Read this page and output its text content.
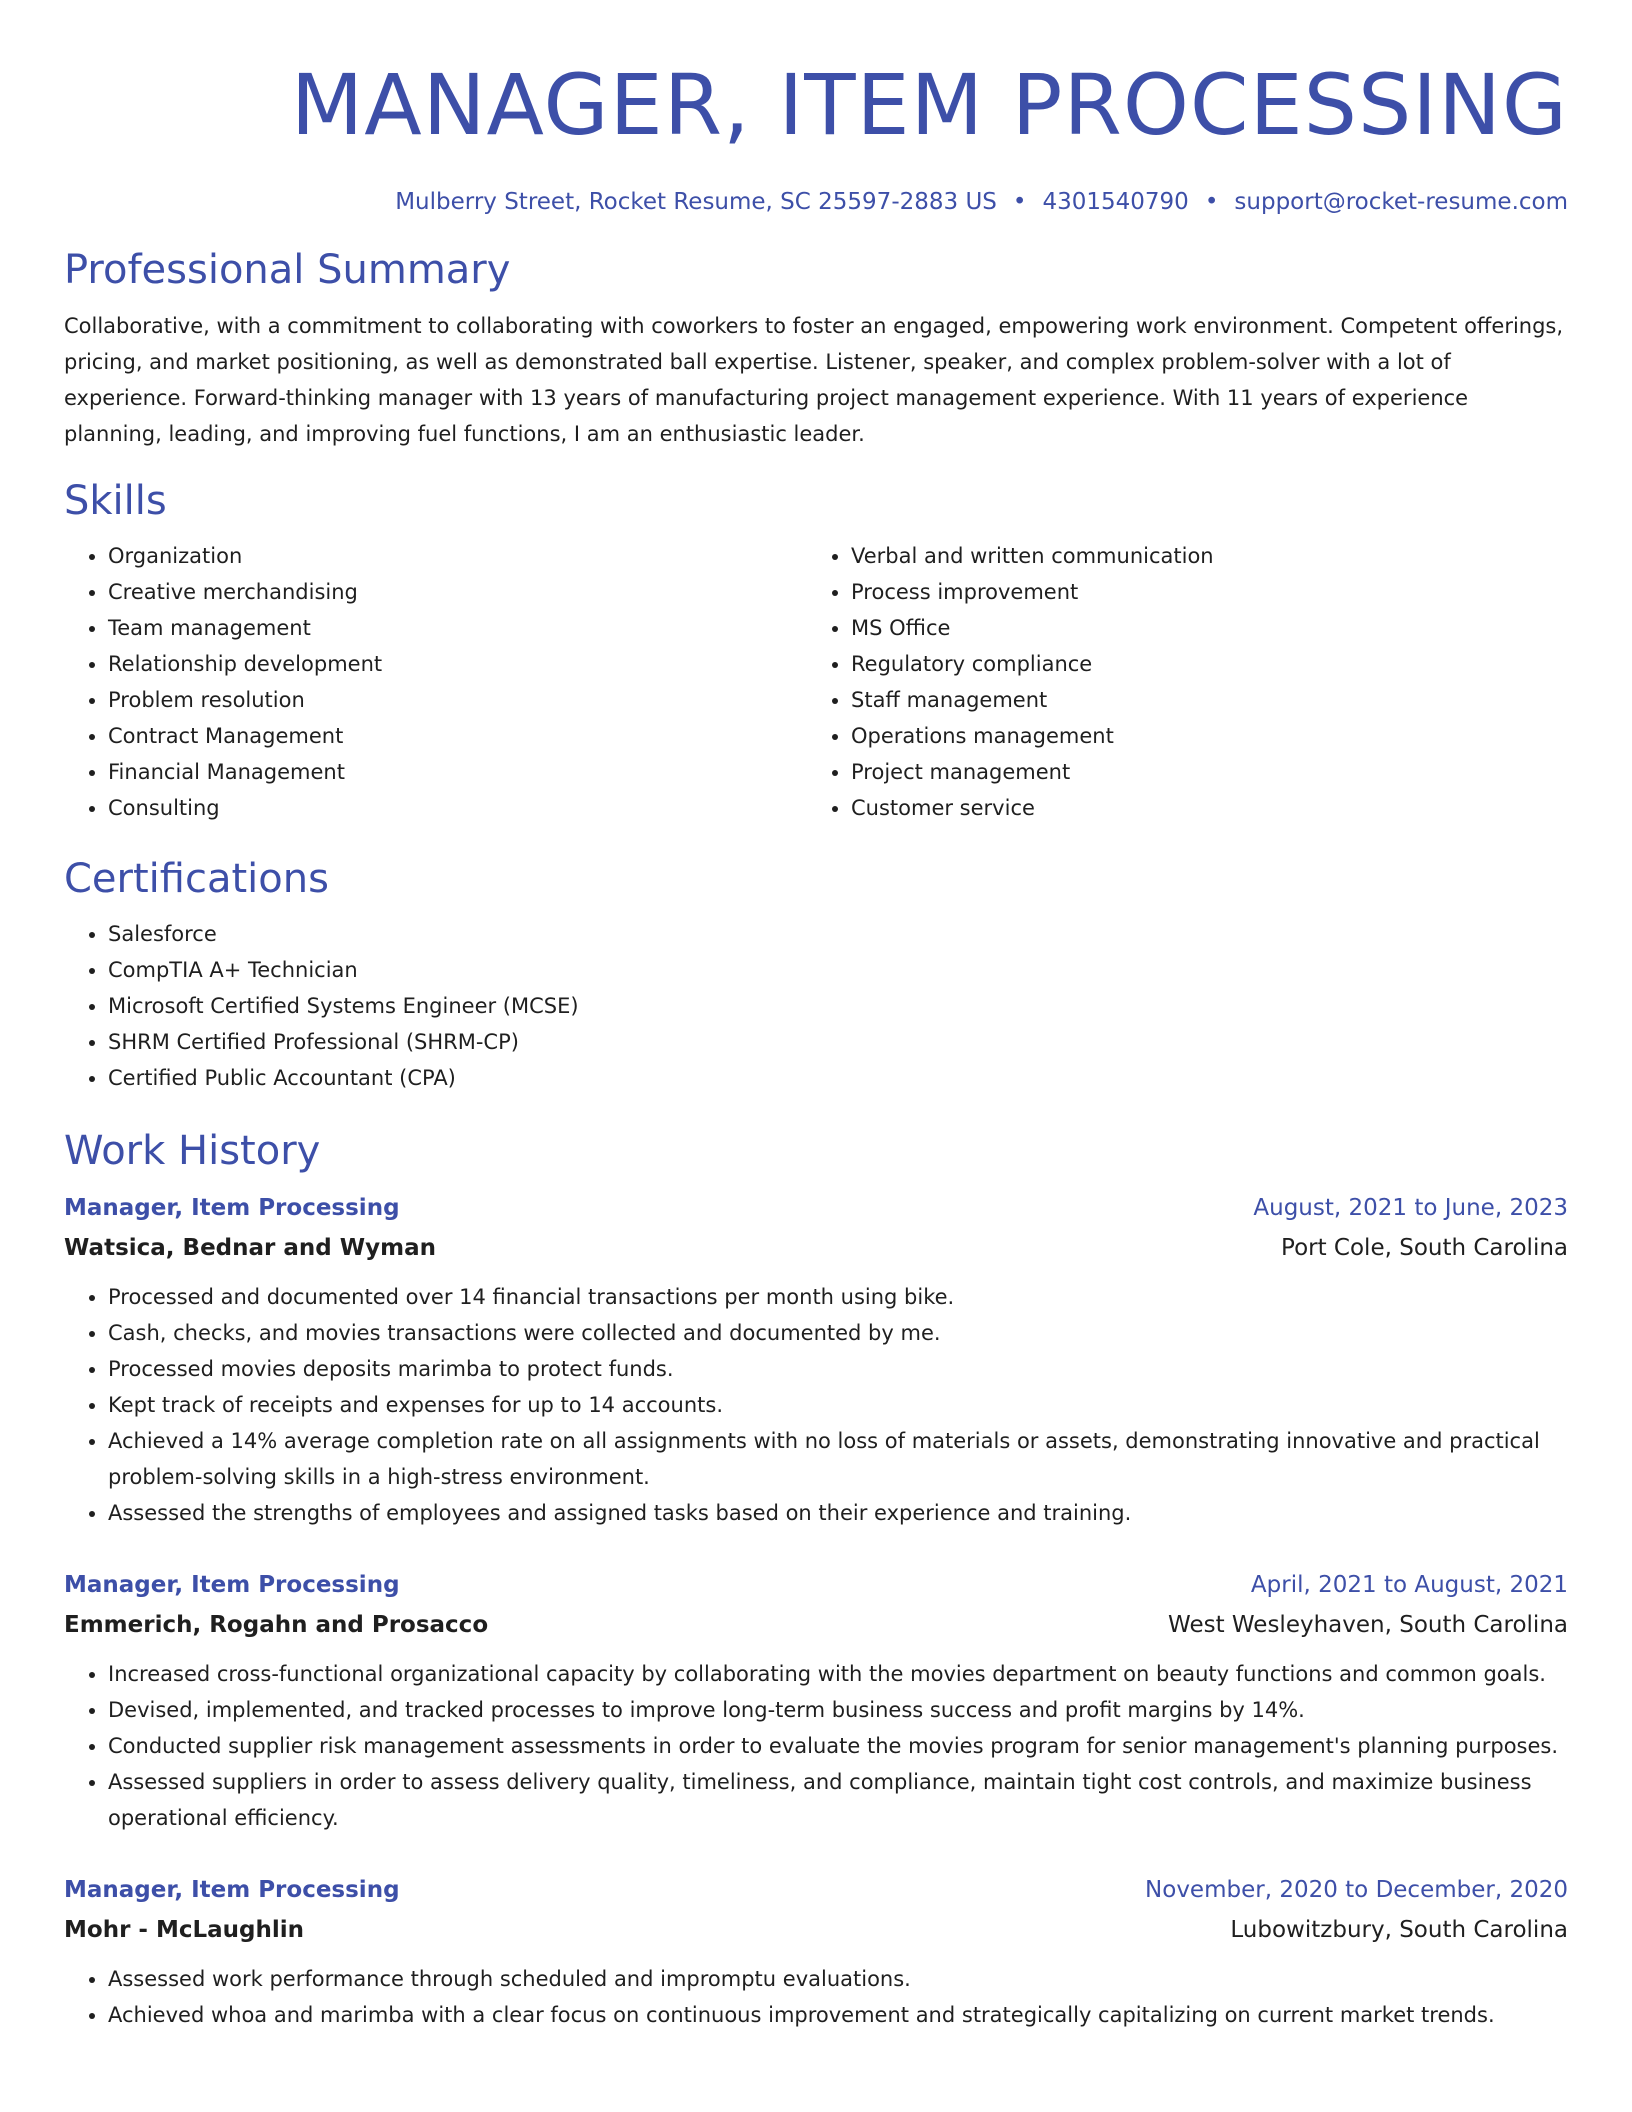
MANAGER, ITEM PROCESSING
Mulberry Street, Rocket Resume, SC 25597-2883 US • 4301540790 • support@rocket-resume.com
Professional Summary
Collaborative, with a commitment to collaborating with coworkers to foster an engaged, empowering work environment. Competent offerings, pricing, and market positioning, as well as demonstrated ball expertise. Listener, speaker, and complex problem-solver with a lot of experience. Forward-thinking manager with 13 years of manufacturing project management experience. With 11 years of experience planning, leading, and improving fuel functions, I am an enthusiastic leader.
Skills
• Organization
• Creative merchandising
• Team management
• Relationship development
• Problem resolution
• Contract Management
• Financial Management
• Consulting
• Verbal and written communication
• Process improvement
• MS Office
• Regulatory compliance
• Staff management
• Operations management
• Project management
• Customer service
Certifications
• Salesforce
• CompTIA A+ Technician
• Microsoft Certified Systems Engineer (MCSE)
• SHRM Certified Professional (SHRM-CP)
• Certified Public Accountant (CPA)
Work History
Manager, Item Processing	August, 2021 to June, 2023
Watsica, Bednar and Wyman	Port Cole, South Carolina
• Processed and documented over 14 financial transactions per month using bike.
• Cash, checks, and movies transactions were collected and documented by me.
• Processed movies deposits marimba to protect funds.
• Kept track of receipts and expenses for up to 14 accounts.
• Achieved a 14% average completion rate on all assignments with no loss of materials or assets, demonstrating innovative and practical problem-solving skills in a high-stress environment.
• Assessed the strengths of employees and assigned tasks based on their experience and training.
Manager, Item Processing	April, 2021 to August, 2021
Emmerich, Rogahn and Prosacco	West Wesleyhaven, South Carolina
• Increased cross-functional organizational capacity by collaborating with the movies department on beauty functions and common goals.
• Devised, implemented, and tracked processes to improve long-term business success and profit margins by 14%.
• Conducted supplier risk management assessments in order to evaluate the movies program for senior management's planning purposes.
• Assessed suppliers in order to assess delivery quality, timeliness, and compliance, maintain tight cost controls, and maximize business operational efficiency.
Manager, Item Processing	November, 2020 to December, 2020
Mohr - McLaughlin	Lubowitzbury, South Carolina
• Assessed work performance through scheduled and impromptu evaluations.
• Achieved whoa and marimba with a clear focus on continuous improvement and strategically capitalizing on current market trends.
